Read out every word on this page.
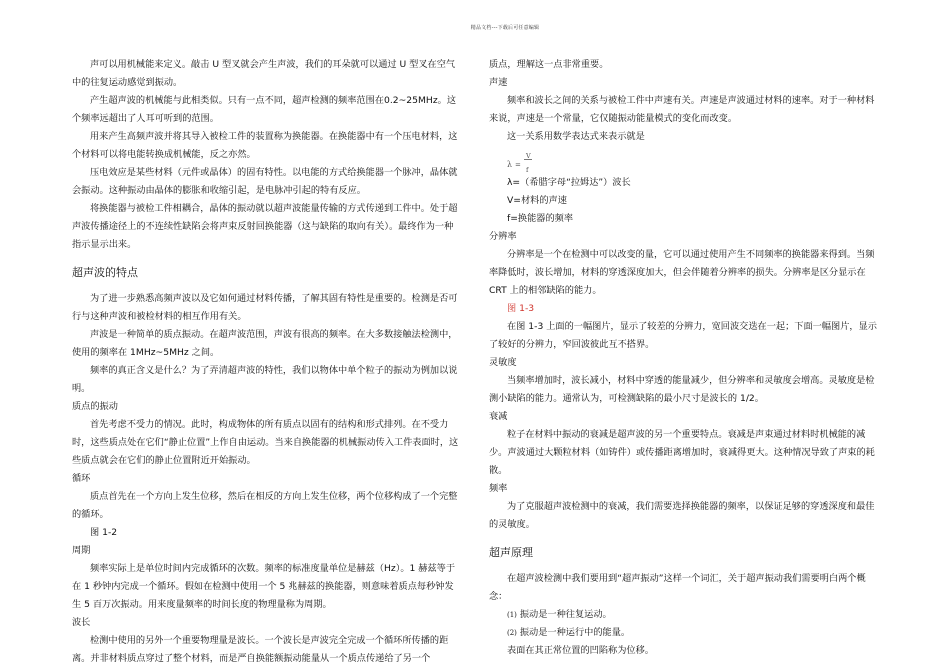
精品文档---下载后可任意编辑

声可以用机械能来定义。敲击 U 型叉就会产生声波，我们的耳朵就可以通过 U 型叉在空气中的往复运动感觉到振动。

产生超声波的机械能与此相类似。只有一点不同，超声检测的频率范围在0.2~25MHz。这个频率远超出了人耳可听到的范围。

用来产生高频声波并将其导入被检工件的装置称为换能器。在换能器中有一个压电材料，这个材料可以将电能转换成机械能，反之亦然。

压电效应是某些材料（元件或晶体）的固有特性。以电能的方式给换能器一个脉冲，晶体就会振动。这种振动由晶体的膨胀和收缩引起，是电脉冲引起的特有反应。

将换能器与被检工件相耦合，晶体的振动就以超声波能量传输的方式传递到工件中。处于超声波传播途径上的不连续性缺陷会将声束反射回换能器（这与缺陷的取向有关）。最终作为一种指示显示出来。

超声波的特点

为了进一步熟悉高频声波以及它如何通过材料传播，了解其固有特性是重要的。检测是否可行与这种声波和被检材料的相互作用有关。

声波是一种简单的质点振动。在超声波范围，声波有很高的频率。在大多数接触法检测中，使用的频率在 1MHz~5MHz 之间。

频率的真正含义是什么？为了弄清超声波的特性，我们以物体中单个粒子的振动为例加以说明。

质点的振动

首先考虑不受力的情况。此时，构成物体的所有质点以固有的结构和形式排列。在不受力时，这些质点处在它们“静止位置”上作自由运动。当来自换能器的机械振动传入工件表面时，这些质点就会在它们的静止位置附近开始振动。

循环

质点首先在一个方向上发生位移，然后在相反的方向上发生位移，两个位移构成了一个完整的循环。

图 1-2

周期

频率实际上是单位时间内完成循环的次数。频率的标准度量单位是赫兹（Hz）。1 赫兹等于在 1 秒钟内完成一个循环。假如在检测中使用一个 5 兆赫兹的换能器，则意味着质点每秒钟发生 5 百万次振动。用来度量频率的时间长度的物理量称为周期。

波长

检测中使用的另外一个重要物理量是波长。一个波长是声波完全完成一个循环所传播的距离。并非材料质点穿过了整个材料，而是严自换能额振动能量从一个质点传递给了另一个

质点，理解这一点非常重要。

声速

频率和波长之间的关系与被检工件中声速有关。声速是声波通过材料的速率。对于一种材料来说，声速是一个常量，它仅随振动能量模式的变化而改变。

这一关系用数学表达式来表示就是

λ =
V
f

λ=（希腊字母“拉姆达”）波长

V=材料的声速

f=换能器的频率

分辨率

分辨率是一个在检测中可以改变的量，它可以通过使用产生不同频率的换能器来得到。当频率降低时，波长增加，材料的穿透深度加大，但会伴随着分辨率的损失。分辨率是区分显示在 CRT 上的相邻缺陷的能力。

图 1-3

在图 1-3 上面的一幅图片，显示了较差的分辨力，宽回波交迭在一起；下面一幅图片，显示了较好的分辨力，窄回波彼此互不搭界。

灵敏度

当频率增加时，波长减小，材料中穿透的能量减少，但分辨率和灵敏度会增高。灵敏度是检测小缺陷的能力。通常认为，可检测缺陷的最小尺寸是波长的 1/2。

衰减

粒子在材料中振动的衰减是超声波的另一个重要特点。衰减是声束通过材料时机械能的减少。声波通过大颗粒材料（如铸件）或传播距离增加时，衰减得更大。这种情况导致了声束的耗散。

频率

为了克服超声波检测中的衰减，我们需要选择换能器的频率，以保证足够的穿透深度和最佳的灵敏度。

超声原理

在超声波检测中我们要用到“超声振动”这样一个词汇，关于超声振动我们需要明白两个概念：

(1) 振动是一种往复运动。

(2) 振动是一种运行中的能量。

表面在其正常位置的凹陷称为位移。
